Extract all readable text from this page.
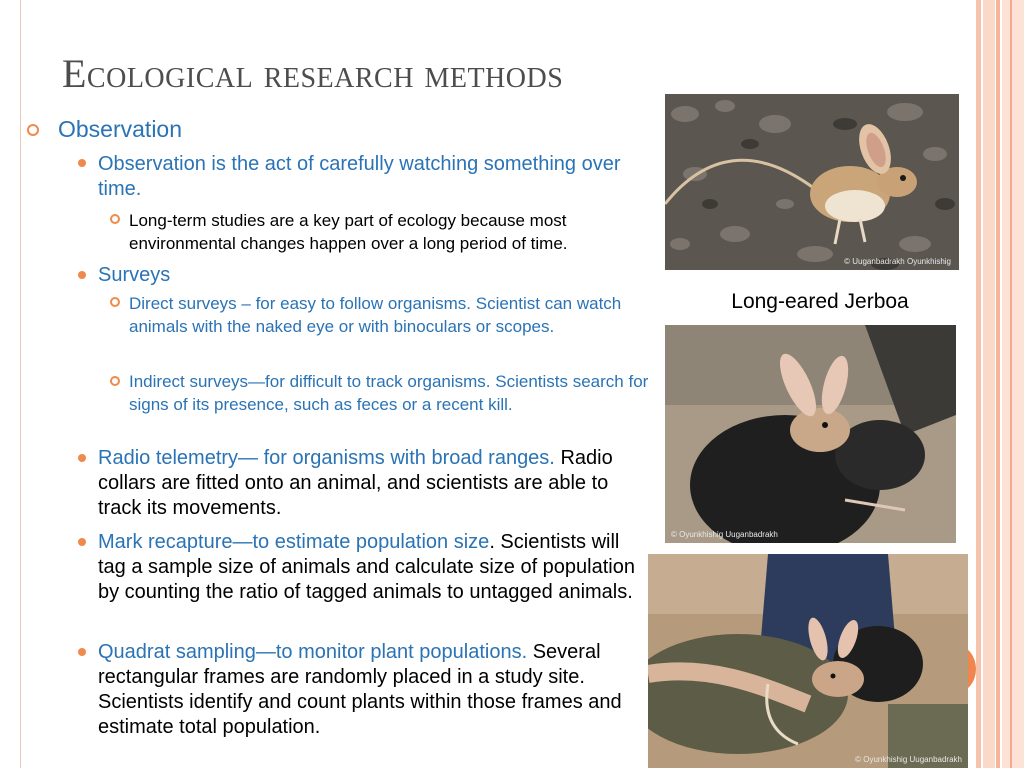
Ecological research methods
Observation
Observation is the act of carefully watching something over time.
Long-term studies are a key part of ecology because most environmental changes happen over a long period of time.
Surveys
Direct surveys – for easy to follow organisms. Scientist can watch animals with the naked eye or with binoculars or scopes.
Indirect surveys—for difficult to track organisms. Scientists search for signs of its presence, such as feces or a recent kill.
Radio telemetry— for organisms with broad ranges. Radio collars are fitted onto an animal, and scientists are able to track its movements.
Mark recapture—to estimate population size. Scientists will tag a sample size of animals and calculate size of population by counting the ratio of tagged animals to untagged animals.
Quadrat sampling—to monitor plant populations. Several rectangular frames are randomly placed in a study site. Scientists identify and count plants within those frames and estimate total population.
© Uuganbadrakh Oyunkhishig
Long-eared Jerboa
© Oyunkhishig Uuganbadrakh
© Oyunkhishig Uuganbadrakh
